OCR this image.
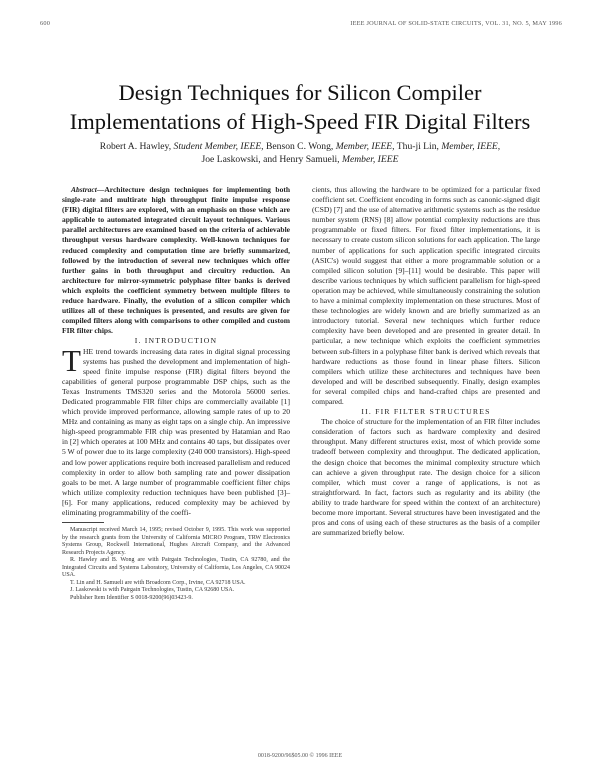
600	IEEE JOURNAL OF SOLID-STATE CIRCUITS, VOL. 31, NO. 5, MAY 1996
Design Techniques for Silicon Compiler
Implementations of High-Speed FIR Digital Filters
Robert A. Hawley, Student Member, IEEE, Benson C. Wong, Member, IEEE, Thu-ji Lin, Member, IEEE,
Joe Laskowski, and Henry Samueli, Member, IEEE

Abstract—Architecture design techniques for implementing both single-rate and multirate high throughput finite impulse response (FIR) digital filters are explored, with an emphasis on those which are applicable to automated integrated circuit layout techniques. Various parallel architectures are examined based on the criteria of achievable throughput versus hardware complexity. Well-known techniques for reduced complexity and computation time are briefly summarized, followed by the introduction of several new techniques which offer further gains in both throughput and circuitry reduction. An architecture for mirror-symmetric polyphase filter banks is derived which exploits the coefficient symmetry between multiple filters to reduce hardware. Finally, the evolution of a silicon compiler which utilizes all of these techniques is presented, and results are given for compiled filters along with comparisons to other compiled and custom FIR filter chips.

I. INTRODUCTION

THE trend towards increasing data rates in digital signal processing systems has pushed the development and implementation of high-speed finite impulse response (FIR) digital filters beyond the capabilities of general purpose programmable DSP chips, such as the Texas Instruments TMS320 series and the Motorola 56000 series. Dedicated programmable FIR filter chips are commercially available [1] which provide improved performance, allowing sample rates of up to 20 MHz and containing as many as eight taps on a single chip. An impressive high-speed programmable FIR chip was presented by Hatamian and Rao in [2] which operates at 100 MHz and contains 40 taps, but dissipates over 5 W of power due to its large complexity (240 000 transistors). High-speed and low power applications require both increased parallelism and reduced complexity in order to allow both sampling rate and power dissipation goals to be met. A large number of programmable coefficient filter chips which utilize complexity reduction techniques have been published [3]–[6]. For many applications, reduced complexity may be achieved by eliminating programmability of the coeffi-

Manuscript received March 14, 1995; revised October 9, 1995. This work was supported by the research grants from the University of California MICRO Program, TRW Electronics Systems Group, Rockwell International, Hughes Aircraft Company, and the Advanced Research Projects Agency.

R. Hawley and B. Wong are with Pairgain Technologies, Tustin, CA 92780, and the Integrated Circuits and Systems Laboratory, University of California, Los Angeles, CA 90024 USA.

T. Lin and H. Samueli are with Broadcom Corp., Irvine, CA 92718 USA.

J. Laskowski is with Pairgain Technologies, Tustin, CA 92680 USA.

Publisher Item Identifier S 0018-9200(96)03423-9.

cients, thus allowing the hardware to be optimized for a particular fixed coefficient set. Coefficient encoding in forms such as canonic-signed digit (CSD) [7] and the use of alternative arithmetic systems such as the residue number system (RNS) [8] allow potential complexity reductions are thus programmable or fixed filters. For fixed filter implementations, it is necessary to create custom silicon solutions for each application. The large number of applications for such application specific integrated circuits (ASIC's) would suggest that either a more programmable solution or a compiled silicon solution [9]–[11] would be desirable. This paper will describe various techniques by which sufficient parallelism for high-speed operation may be achieved, while simultaneously constraining the solution to have a minimal complexity implementation on these structures. Most of these technologies are widely known and are briefly summarized as an introductory tutorial. Several new techniques which further reduce complexity have been developed and are presented in greater detail. In particular, a new technique which exploits the coefficient symmetries between sub-filters in a polyphase filter bank is derived which reveals that hardware reductions as those found in linear phase filters. Silicon compilers which utilize these architectures and techniques have been developed and will be described subsequently. Finally, design examples for several compiled chips and hand-crafted chips are presented and compared.

II. FIR FILTER STRUCTURES

The choice of structure for the implementation of an FIR filter includes consideration of factors such as hardware complexity and desired throughput. Many different structures exist, most of which provide some tradeoff between complexity and throughput. The dedicated application, the design choice that becomes the minimal complexity structure which can achieve a given throughput rate. The design choice for a silicon compiler, which must cover a range of applications, is not as straightforward. In fact, factors such as regularity and its ability (the ability to trade hardware for speed within the context of an architecture) become more important. Several structures have been investigated and the pros and cons of using each of these structures as the basis of a compiler are summarized briefly below.

0018-9200/96$05.00 © 1996 IEEE
